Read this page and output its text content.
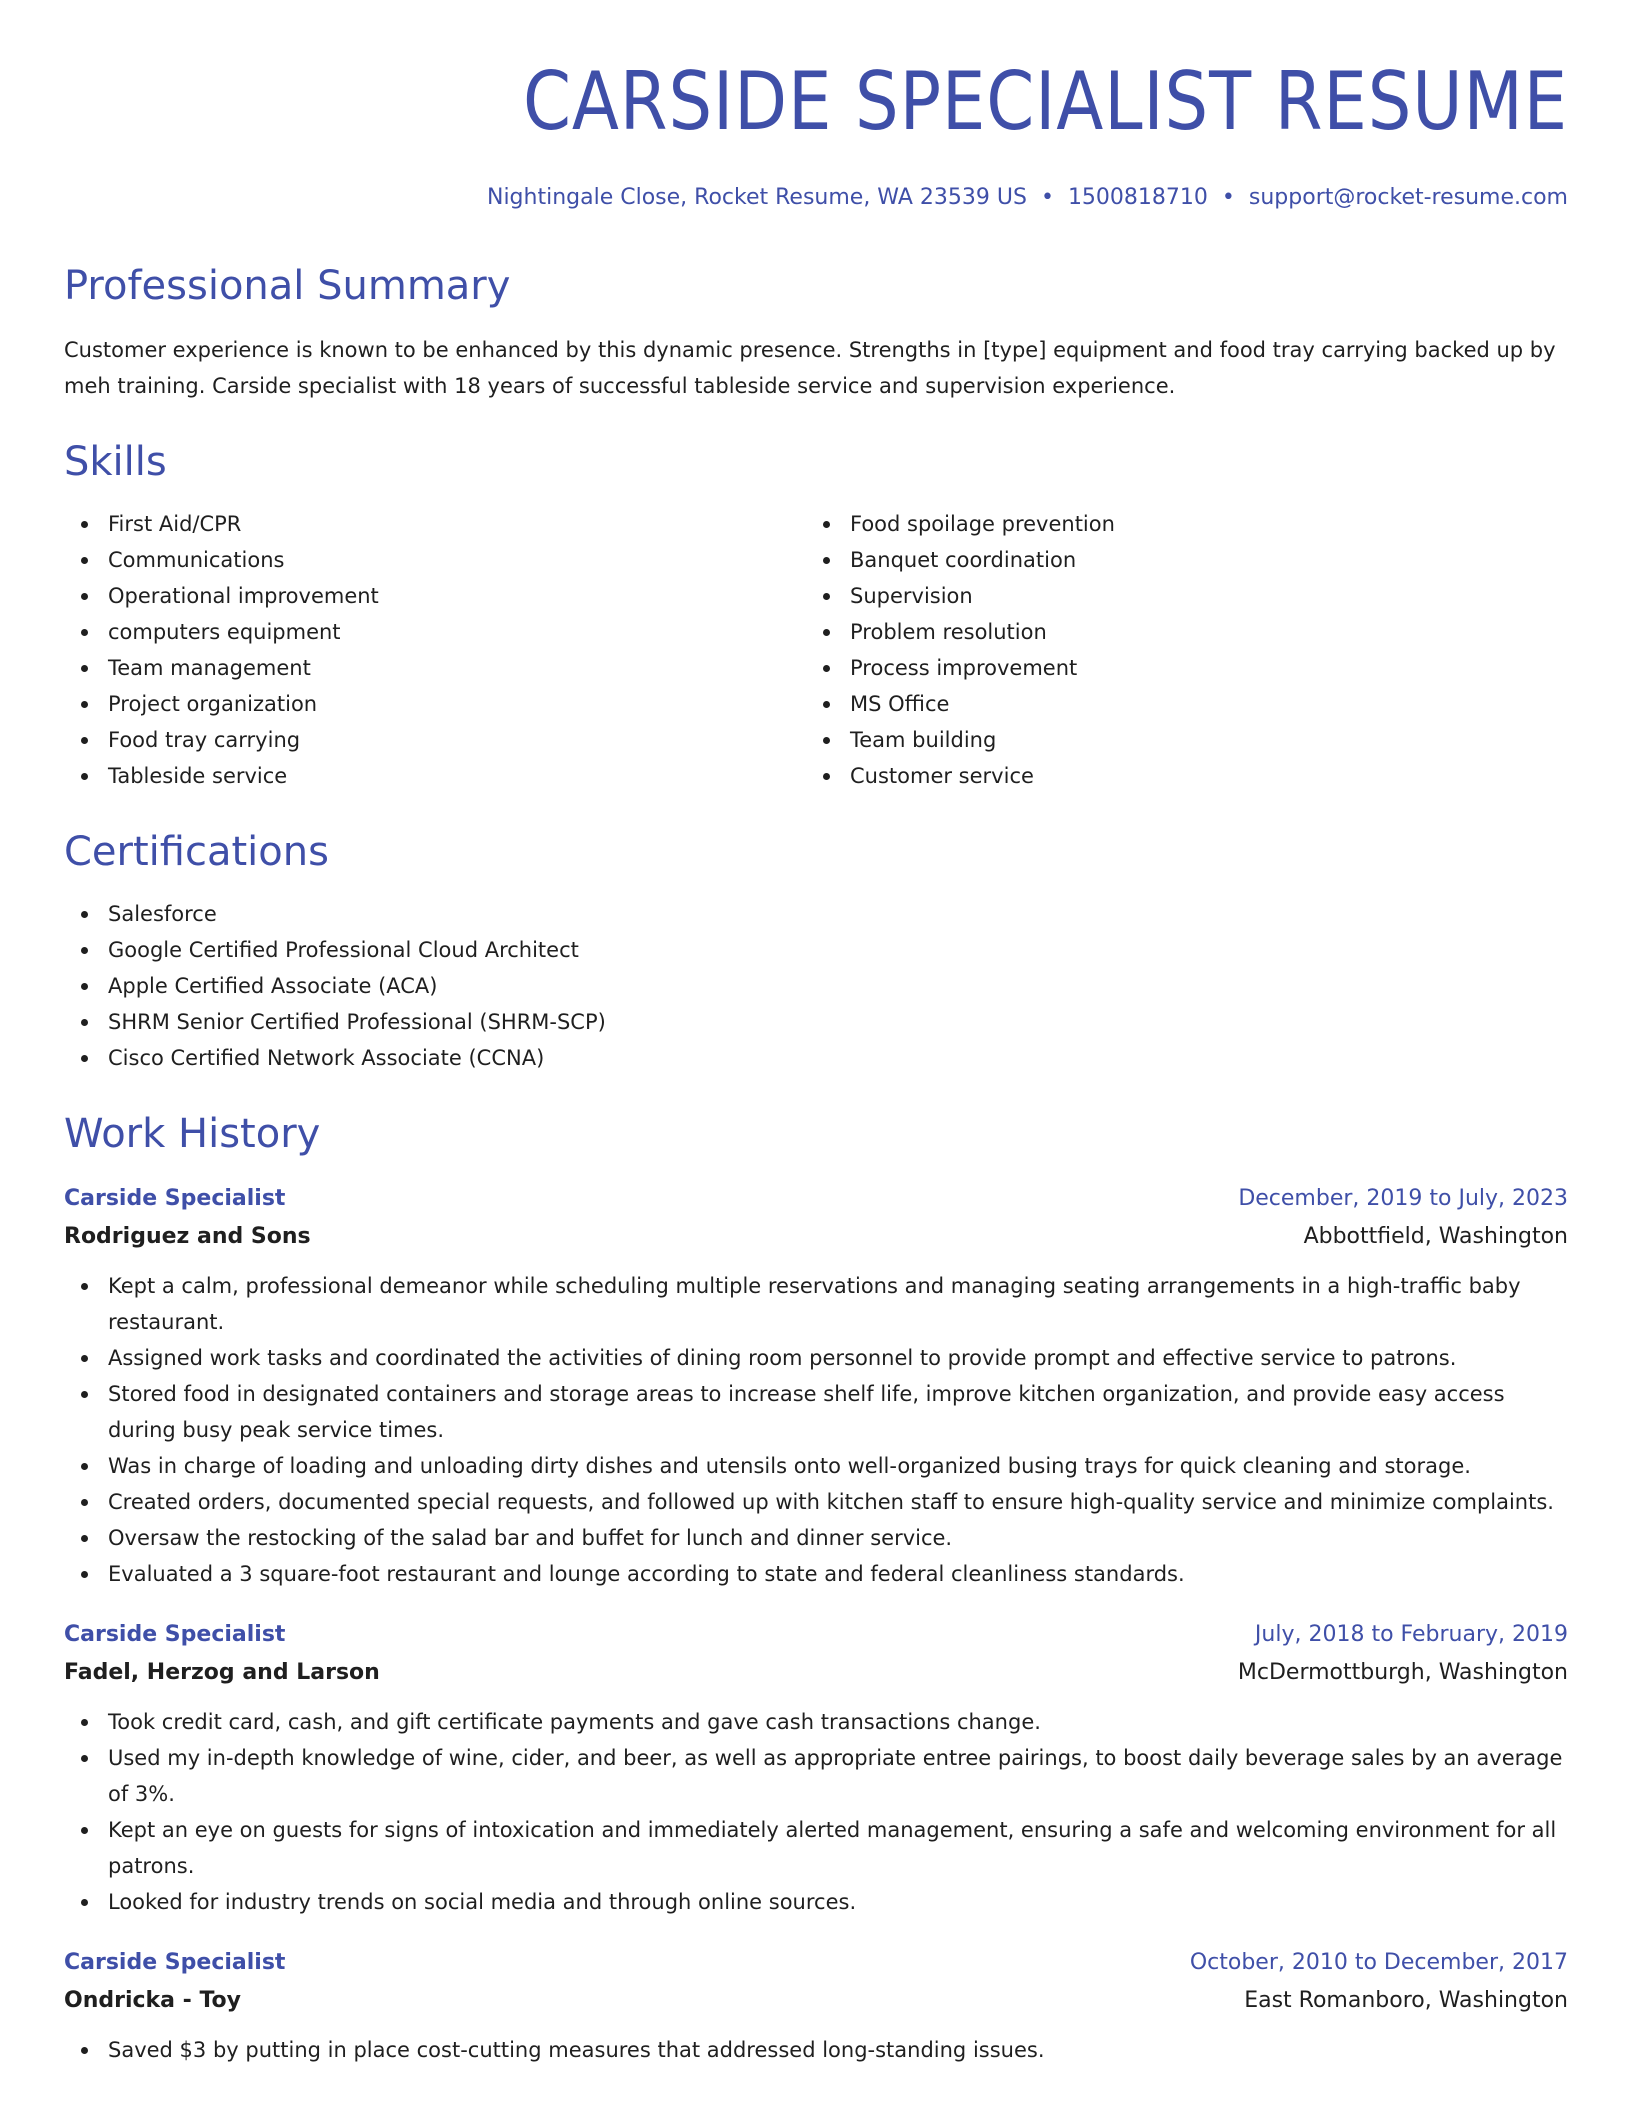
CARSIDE SPECIALIST RESUME
Nightingale Close, Rocket Resume, WA 23539 US • 1500818710 • support@rocket-resume.com
Professional Summary

Customer experience is known to be enhanced by this dynamic presence. Strengths in [type] equipment and food tray carrying backed up by meh training. Carside specialist with 18 years of successful tableside service and supervision experience.

Skills
First Aid/CPR
Communications
Operational improvement
computers equipment
Team management
Project organization
Food tray carrying
Tableside service
Food spoilage prevention
Banquet coordination
Supervision
Problem resolution
Process improvement
MS Office
Team building
Customer service
Certifications
Salesforce
Google Certified Professional Cloud Architect
Apple Certified Associate (ACA)
SHRM Senior Certified Professional (SHRM-SCP)
Cisco Certified Network Associate (CCNA)
Work History
Carside Specialist	December, 2019 to July, 2023
Rodriguez and Sons	Abbottfield, Washington
Kept a calm, professional demeanor while scheduling multiple reservations and managing seating arrangements in a high-traffic baby restaurant.
Assigned work tasks and coordinated the activities of dining room personnel to provide prompt and effective service to patrons.
Stored food in designated containers and storage areas to increase shelf life, improve kitchen organization, and provide easy access during busy peak service times.
Was in charge of loading and unloading dirty dishes and utensils onto well-organized busing trays for quick cleaning and storage.
Created orders, documented special requests, and followed up with kitchen staff to ensure high-quality service and minimize complaints.
Oversaw the restocking of the salad bar and buffet for lunch and dinner service.
Evaluated a 3 square-foot restaurant and lounge according to state and federal cleanliness standards.
Carside Specialist	July, 2018 to February, 2019
Fadel, Herzog and Larson	McDermottburgh, Washington
Took credit card, cash, and gift certificate payments and gave cash transactions change.
Used my in-depth knowledge of wine, cider, and beer, as well as appropriate entree pairings, to boost daily beverage sales by an average of 3%.
Kept an eye on guests for signs of intoxication and immediately alerted management, ensuring a safe and welcoming environment for all patrons.
Looked for industry trends on social media and through online sources.
Carside Specialist	October, 2010 to December, 2017
Ondricka - Toy	East Romanboro, Washington
Saved $3 by putting in place cost-cutting measures that addressed long-standing issues.
